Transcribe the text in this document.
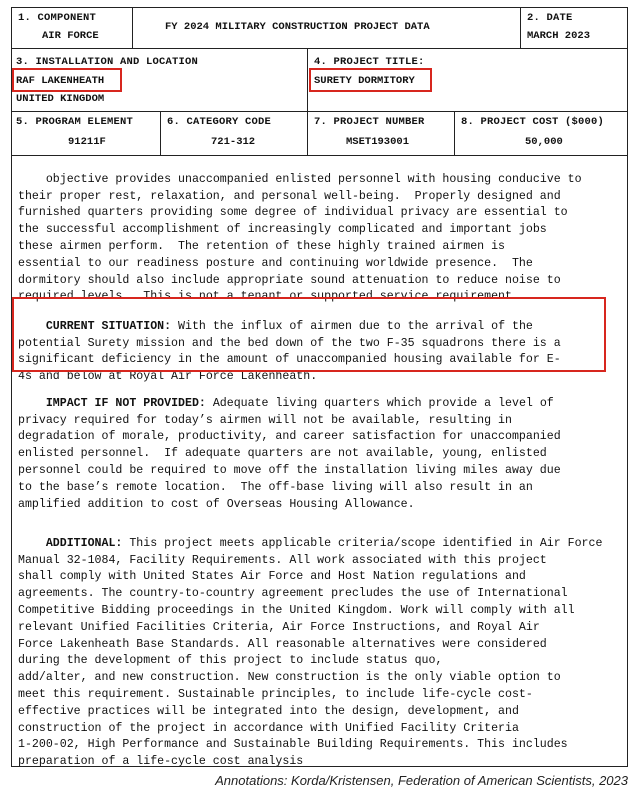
1. COMPONENT
AIR FORCE
FY 2024 MILITARY CONSTRUCTION PROJECT DATA
2. DATE
MARCH 2023
3. INSTALLATION AND LOCATION
RAF LAKENHEATH
UNITED KINGDOM
4. PROJECT TITLE:
SURETY DORMITORY
5. PROGRAM ELEMENT
91211F
6. CATEGORY CODE
721-312
7. PROJECT NUMBER
MSET193001
8. PROJECT COST ($000)
50,000

objective provides unaccompanied enlisted personnel with housing conducive to
their proper rest, relaxation, and personal well-being.  Properly designed and
furnished quarters providing some degree of individual privacy are essential to
the successful accomplishment of increasingly complicated and important jobs
these airmen perform.  The retention of these highly trained airmen is
essential to our readiness posture and continuing worldwide presence.  The
dormitory should also include appropriate sound attenuation to reduce noise to
required levels.  This is not a tenant or supported service requirement.

CURRENT SITUATION: With the influx of airmen due to the arrival of the
potential Surety mission and the bed down of the two F-35 squadrons there is a
significant deficiency in the amount of unaccompanied housing available for E-
4s and below at Royal Air Force Lakenheath.

IMPACT IF NOT PROVIDED: Adequate living quarters which provide a level of
privacy required for today’s airmen will not be available, resulting in
degradation of morale, productivity, and career satisfaction for unaccompanied
enlisted personnel.  If adequate quarters are not available, young, enlisted
personnel could be required to move off the installation living miles away due
to the base’s remote location.  The off-base living will also result in an
amplified addition to cost of Overseas Housing Allowance.

ADDITIONAL: This project meets applicable criteria/scope identified in Air Force
Manual 32-1084, Facility Requirements. All work associated with this project
shall comply with United States Air Force and Host Nation regulations and
agreements. The country-to-country agreement precludes the use of International
Competitive Bidding proceedings in the United Kingdom. Work will comply with all
relevant Unified Facilities Criteria, Air Force Instructions, and Royal Air
Force Lakenheath Base Standards. All reasonable alternatives were considered
during the development of this project to include status quo,
add/alter, and new construction. New construction is the only viable option to
meet this requirement. Sustainable principles, to include life-cycle cost-
effective practices will be integrated into the design, development, and
construction of the project in accordance with Unified Facility Criteria
1-200-02, High Performance and Sustainable Building Requirements. This includes
preparation of a life-cycle cost analysis

Annotations: Korda/Kristensen, Federation of American Scientists, 2023
